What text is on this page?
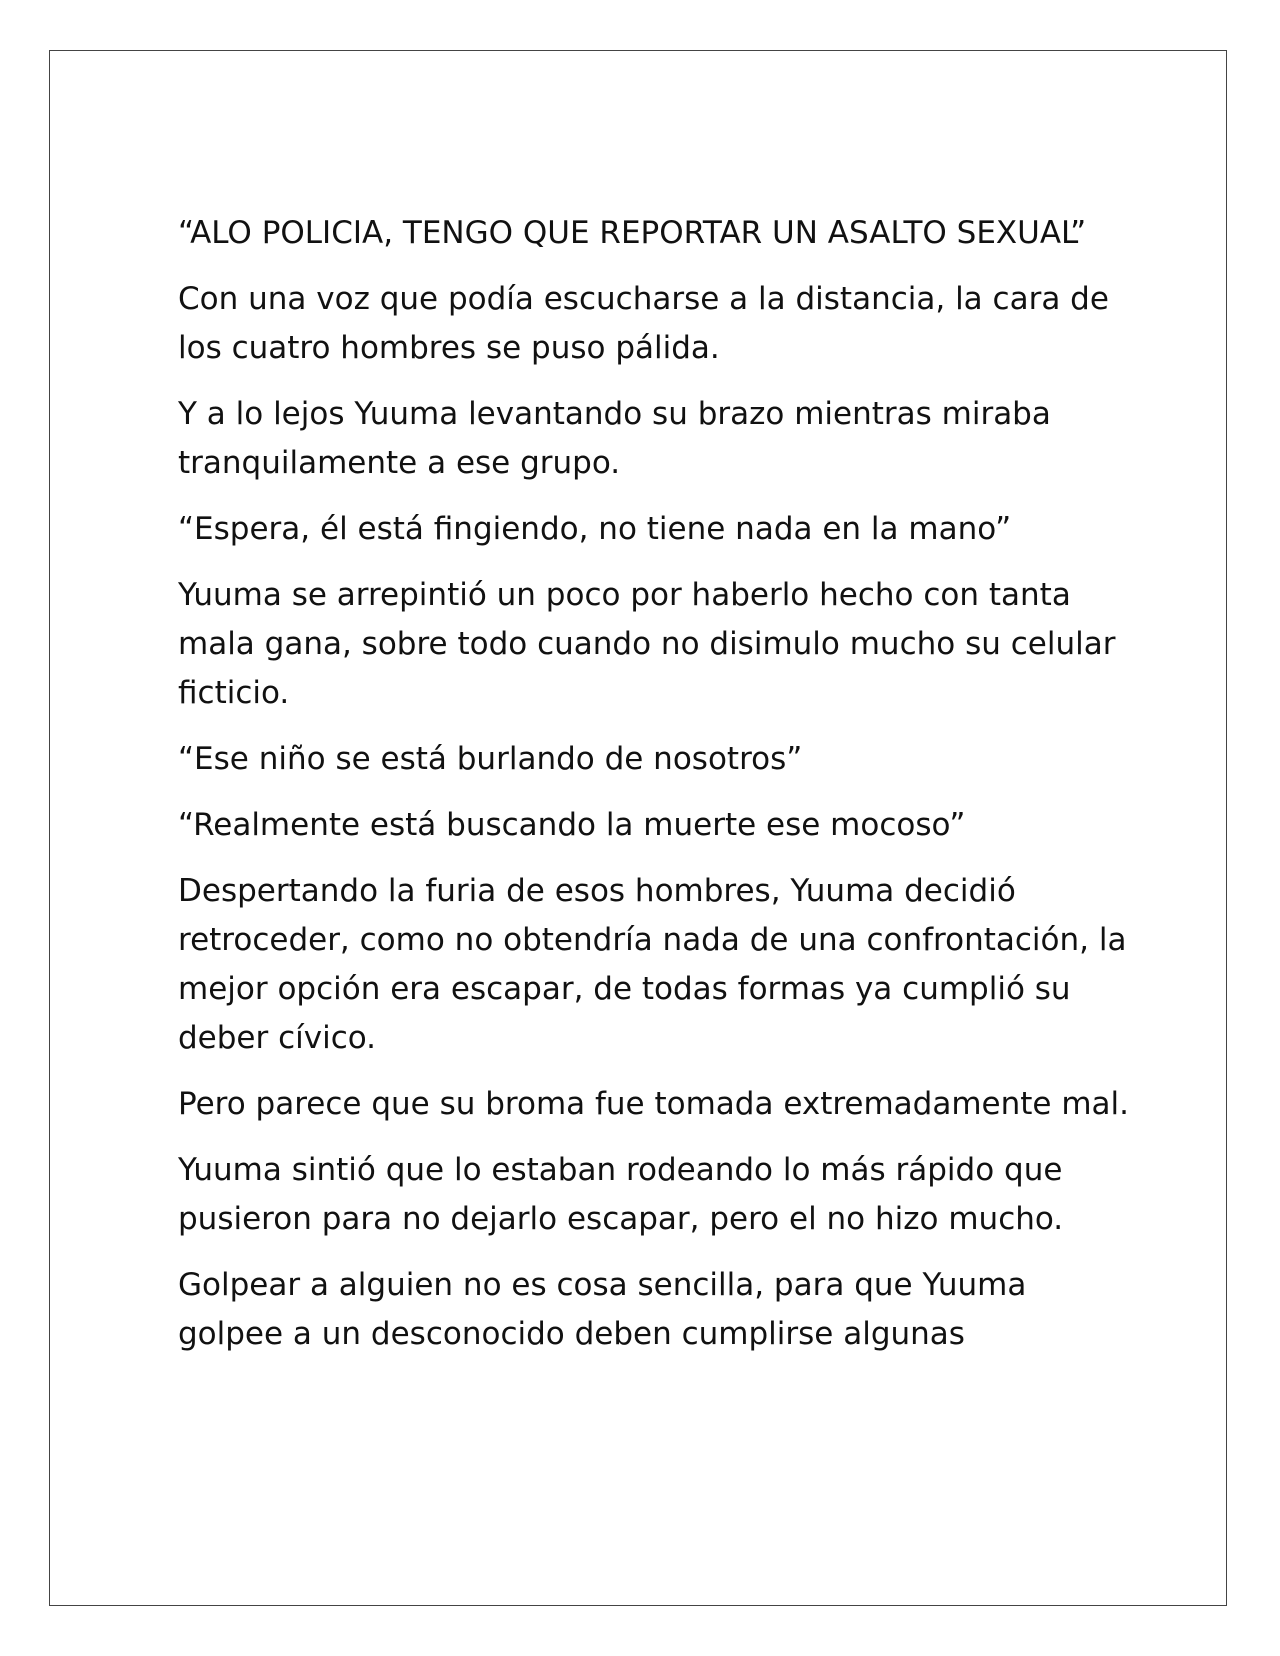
“ALO POLICIA, TENGO QUE REPORTAR UN ASALTO SEXUAL”

Con una voz que podía escucharse a la distancia, la cara de los cuatro hombres se puso pálida.

Y a lo lejos Yuuma levantando su brazo mientras miraba tranquilamente a ese grupo.

“Espera, él está fingiendo, no tiene nada en la mano”

Yuuma se arrepintió un poco por haberlo hecho con tanta mala gana, sobre todo cuando no disimulo mucho su celular ficticio.

“Ese niño se está burlando de nosotros”

“Realmente está buscando la muerte ese mocoso”

Despertando la furia de esos hombres, Yuuma decidió retroceder, como no obtendría nada de una confrontación, la mejor opción era escapar, de todas formas ya cumplió su deber cívico.

Pero parece que su broma fue tomada extremadamente mal.

Yuuma sintió que lo estaban rodeando lo más rápido que pusieron para no dejarlo escapar, pero el no hizo mucho.

Golpear a alguien no es cosa sencilla, para que Yuuma golpee a un desconocido deben cumplirse algunas
